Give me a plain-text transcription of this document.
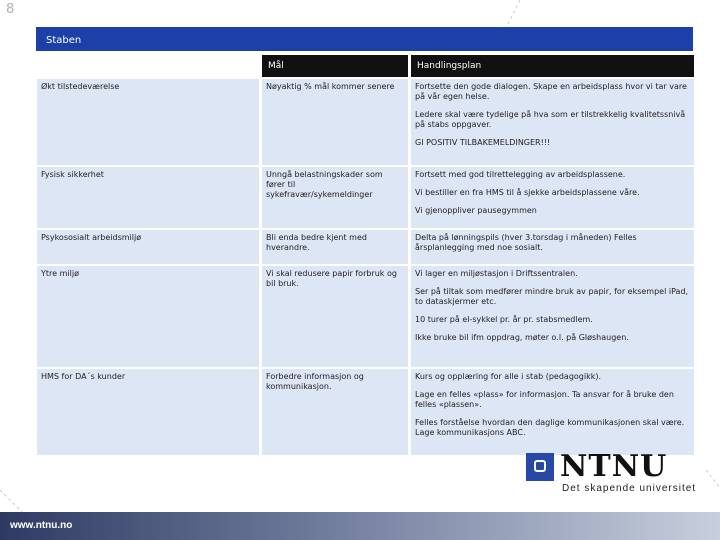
8
Staben
	Mål	Handlingsplan
Økt tilstedeværelse	Nøyaktig % mål kommer senere	Fortsette den gode dialogen. Skape en arbeidsplass hvor vi tar vare på vår egen helse.

Ledere skal være tydelige på hva som er tilstrekkelig kvalitetssnivå på stabs oppgaver.

GI POSITIV TILBAKEMELDINGER!!!

Fysisk sikkerhet	Unngå belastningskader som fører til sykefravær/sykemeldinger	Fortsett med god tilrettelegging av arbeidsplassene.

Vi bestiller en fra HMS til å sjekke arbeidsplassene våre.

Vi gjenoppliver pausegymmen

Psykososialt arbeidsmiljø	Bli enda bedre kjent med hverandre.	Delta på lønningspils (hver 3.torsdag i måneden) Felles årsplanlegging med noe sosialt.

Ytre miljø	Vi skal redusere papir forbruk og bil bruk.	Vi lager en miljøstasjon i Driftssentralen.

Ser på tiltak som medfører mindre bruk av papir, for eksempel iPad, to dataskjermer etc.

10 turer på el-sykkel pr. år pr. stabsmedlem.

Ikke bruke bil ifm oppdrag, møter o.l. på Gløshaugen.

HMS for DA´s kunder	Forbedre informasjon og kommunikasjon.	Kurs og opplæring for alle i stab (pedagogikk).

Lage en felles «plass» for informasjon. Ta ansvar for å bruke den felles «plassen».

Felles forståelse hvordan den daglige kommunikasjonen skal være. Lage kommunikasjons ABC.

NTNU
Det skapende universitet
www.ntnu.no
